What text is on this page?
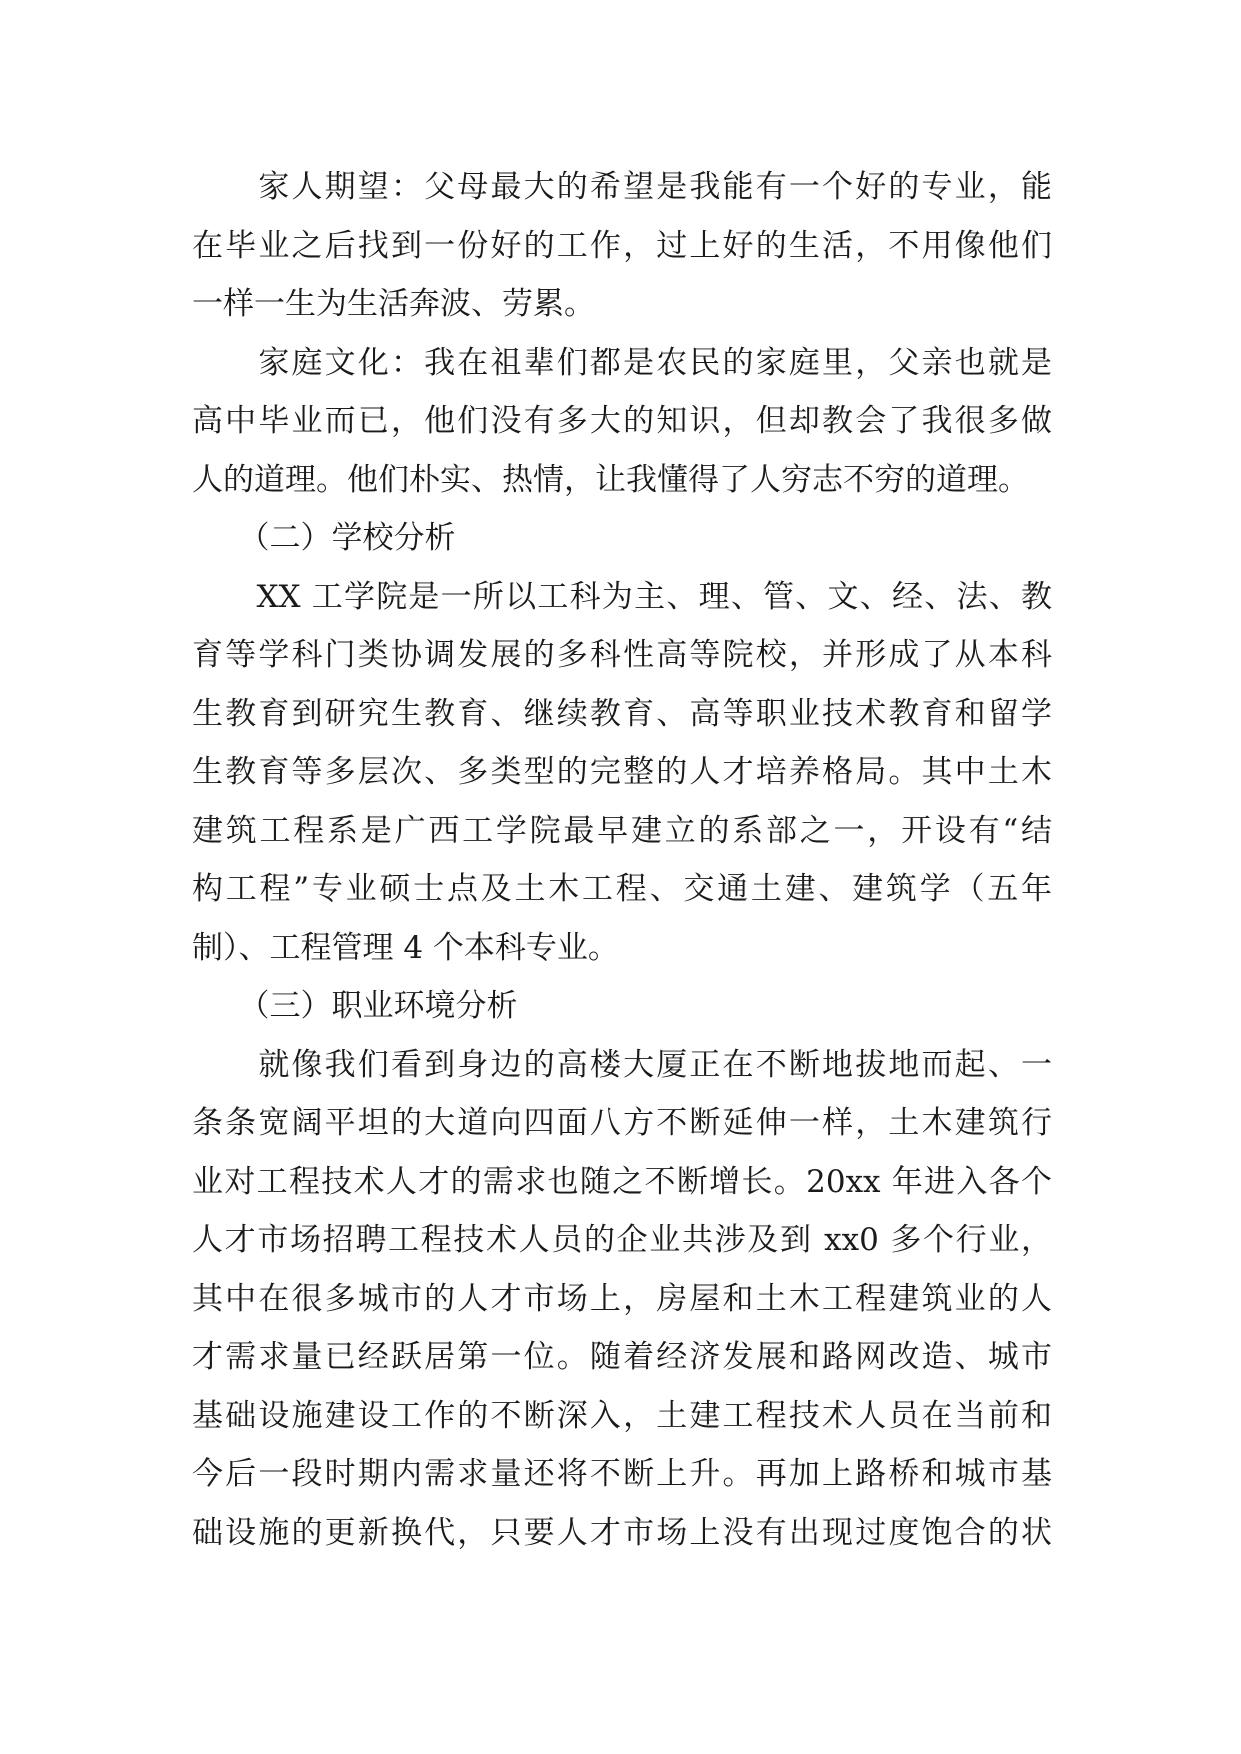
　　家人期望：父母最大的希望是我能有一个好的专业，能
在毕业之后找到一份好的工作，过上好的生活，不用像他们
一样一生为生活奔波、劳累。
　　家庭文化：我在祖辈们都是农民的家庭里，父亲也就是
高中毕业而已，他们没有多大的知识，但却教会了我很多做
人的道理。他们朴实、热情，让我懂得了人穷志不穷的道理。
　　（二）学校分析
　　XX 工学院是一所以工科为主、理、管、文、经、法、教
育等学科门类协调发展的多科性高等院校，并形成了从本科
生教育到研究生教育、继续教育、高等职业技术教育和留学
生教育等多层次、多类型的完整的人才培养格局。其中土木
建筑工程系是广西工学院最早建立的系部之一，开设有“结
构工程”专业硕士点及土木工程、交通土建、建筑学（五年
制）、工程管理 4 个本科专业。
　　（三）职业环境分析
　　就像我们看到身边的高楼大厦正在不断地拔地而起、一
条条宽阔平坦的大道向四面八方不断延伸一样，土木建筑行
业对工程技术人才的需求也随之不断增长。20xx 年进入各个
人才市场招聘工程技术人员的企业共涉及到 xx0 多个行业，
其中在很多城市的人才市场上，房屋和土木工程建筑业的人
才需求量已经跃居第一位。随着经济发展和路网改造、城市
基础设施建设工作的不断深入，土建工程技术人员在当前和
今后一段时期内需求量还将不断上升。再加上路桥和城市基
础设施的更新换代，只要人才市场上没有出现过度饱合的状
